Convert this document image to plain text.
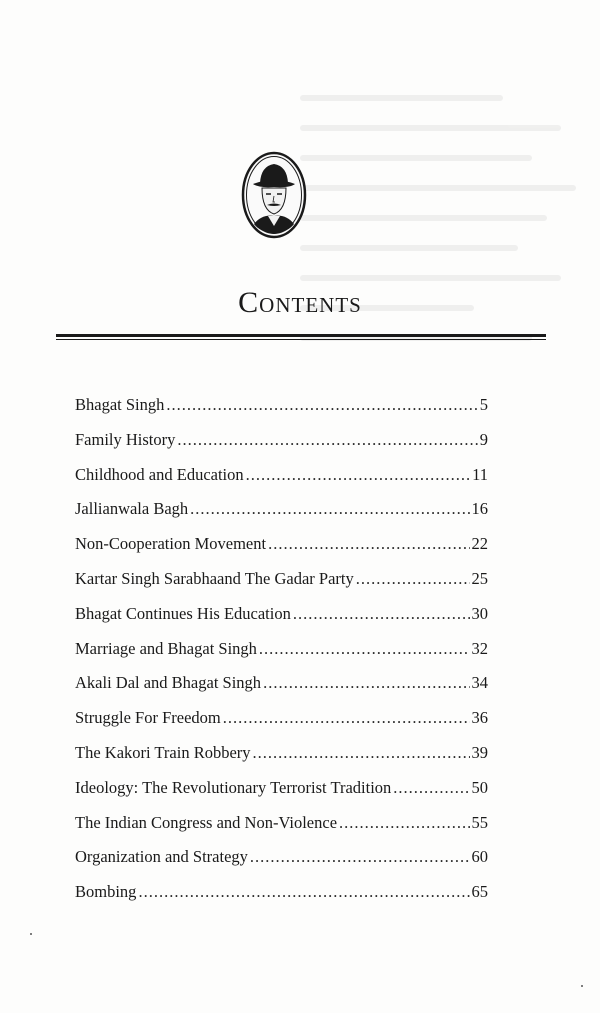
Contents
Bhagat Singh .....	5
Family History .....	9
Childhood and Education .....	11
Jallianwala Bagh .....	16
Non-Cooperation Movement .....	22
Kartar Singh Sarabhaand The Gadar Party .....	25
Bhagat Continues His Education .....	30
Marriage and Bhagat Singh .....	32
Akali Dal and Bhagat Singh .....	34
Struggle For Freedom .....	36
The Kakori Train Robbery .....	39
Ideology: The Revolutionary Terrorist Tradition .....	50
The Indian Congress and Non-Violence .....	55
Organization and Strategy .....	60
Bombing .....	65
